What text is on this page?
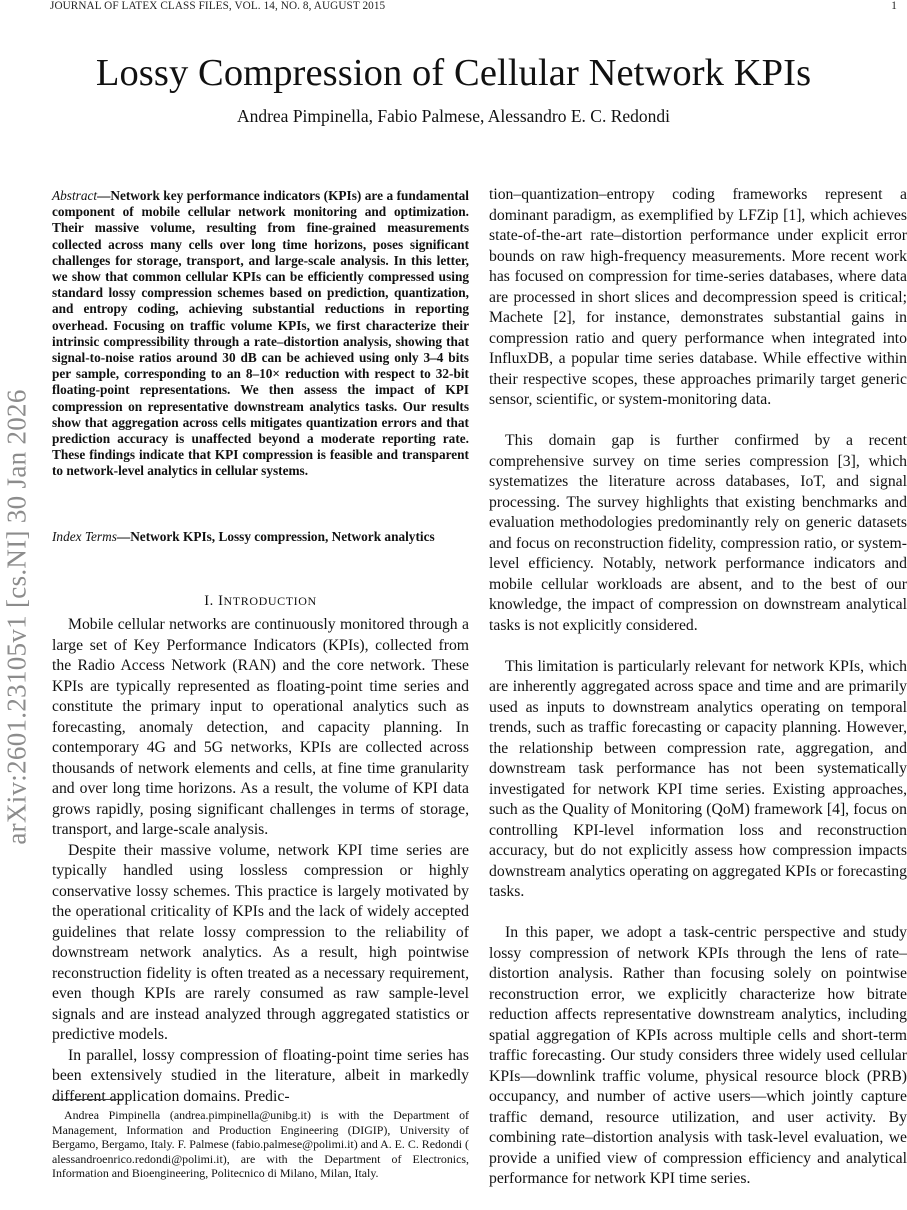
JOURNAL OF LATEX CLASS FILES, VOL. 14, NO. 8, AUGUST 2015	1
arXiv:2601.23105v1 [cs.NI] 30 Jan 2026
Lossy Compression of Cellular Network KPIs
Andrea Pimpinella, Fabio Palmese, Alessandro E. C. Redondi
Abstract—Network key performance indicators (KPIs) are a fundamental component of mobile cellular network monitoring and optimization. Their massive volume, resulting from fine-grained measurements collected across many cells over long time horizons, poses significant challenges for storage, transport, and large-scale analysis. In this letter, we show that common cellular KPIs can be efficiently compressed using standard lossy compression schemes based on prediction, quantization, and entropy coding, achieving substantial reductions in reporting overhead. Focusing on traffic volume KPIs, we first characterize their intrinsic compressibility through a rate–distortion analysis, showing that signal-to-noise ratios around 30 dB can be achieved using only 3–4 bits per sample, corresponding to an 8–10× reduction with respect to 32-bit floating-point representations. We then assess the impact of KPI compression on representative downstream analytics tasks. Our results show that aggregation across cells mitigates quantization errors and that prediction accuracy is unaffected beyond a moderate reporting rate. These findings indicate that KPI compression is feasible and transparent to network-level analytics in cellular systems.
Index Terms—Network KPIs, Lossy compression, Network analytics
I. INTRODUCTION

Mobile cellular networks are continuously monitored through a large set of Key Performance Indicators (KPIs), collected from the Radio Access Network (RAN) and the core network. These KPIs are typically represented as floating-point time series and constitute the primary input to operational analytics such as forecasting, anomaly detection, and capacity planning. In contemporary 4G and 5G networks, KPIs are collected across thousands of network elements and cells, at fine time granularity and over long time horizons. As a result, the volume of KPI data grows rapidly, posing significant challenges in terms of storage, transport, and large-scale analysis.

Despite their massive volume, network KPI time series are typically handled using lossless compression or highly conservative lossy schemes. This practice is largely motivated by the operational criticality of KPIs and the lack of widely accepted guidelines that relate lossy compression to the reliability of downstream network analytics. As a result, high pointwise reconstruction fidelity is often treated as a necessary requirement, even though KPIs are rarely consumed as raw sample-level signals and are instead analyzed through aggregated statistics or predictive models.

In parallel, lossy compression of floating-point time series has been extensively studied in the literature, albeit in markedly different application domains. Predic-

Andrea Pimpinella (andrea.pimpinella@unibg.it) is with the Department of Management, Information and Production Engineering (DIGIP), University of Bergamo, Bergamo, Italy. F. Palmese (fabio.palmese@polimi.it) and A. E. C. Redondi ( alessandroenrico.redondi@polimi.it), are with the Department of Electronics, Information and Bioengineering, Politecnico di Milano, Milan, Italy.

tion–quantization–entropy coding frameworks represent a dominant paradigm, as exemplified by LFZip [1], which achieves state-of-the-art rate–distortion performance under explicit error bounds on raw high-frequency measurements. More recent work has focused on compression for time-series databases, where data are processed in short slices and decompression speed is critical; Machete [2], for instance, demonstrates substantial gains in compression ratio and query performance when integrated into InfluxDB, a popular time series database. While effective within their respective scopes, these approaches primarily target generic sensor, scientific, or system-monitoring data.

This domain gap is further confirmed by a recent comprehensive survey on time series compression [3], which systematizes the literature across databases, IoT, and signal processing. The survey highlights that existing benchmarks and evaluation methodologies predominantly rely on generic datasets and focus on reconstruction fidelity, compression ratio, or system-level efficiency. Notably, network performance indicators and mobile cellular workloads are absent, and to the best of our knowledge, the impact of compression on downstream analytical tasks is not explicitly considered.

This limitation is particularly relevant for network KPIs, which are inherently aggregated across space and time and are primarily used as inputs to downstream analytics operating on temporal trends, such as traffic forecasting or capacity planning. However, the relationship between compression rate, aggregation, and downstream task performance has not been systematically investigated for network KPI time series. Existing approaches, such as the Quality of Monitoring (QoM) framework [4], focus on controlling KPI-level information loss and reconstruction accuracy, but do not explicitly assess how compression impacts downstream analytics operating on aggregated KPIs or forecasting tasks.

In this paper, we adopt a task-centric perspective and study lossy compression of network KPIs through the lens of rate–distortion analysis. Rather than focusing solely on pointwise reconstruction error, we explicitly characterize how bitrate reduction affects representative downstream analytics, including spatial aggregation of KPIs across multiple cells and short-term traffic forecasting. Our study considers three widely used cellular KPIs—downlink traffic volume, physical resource block (PRB) occupancy, and number of active users—which jointly capture traffic demand, resource utilization, and user activity. By combining rate–distortion analysis with task-level evaluation, we provide a unified view of compression efficiency and analytical performance for network KPI time series.
